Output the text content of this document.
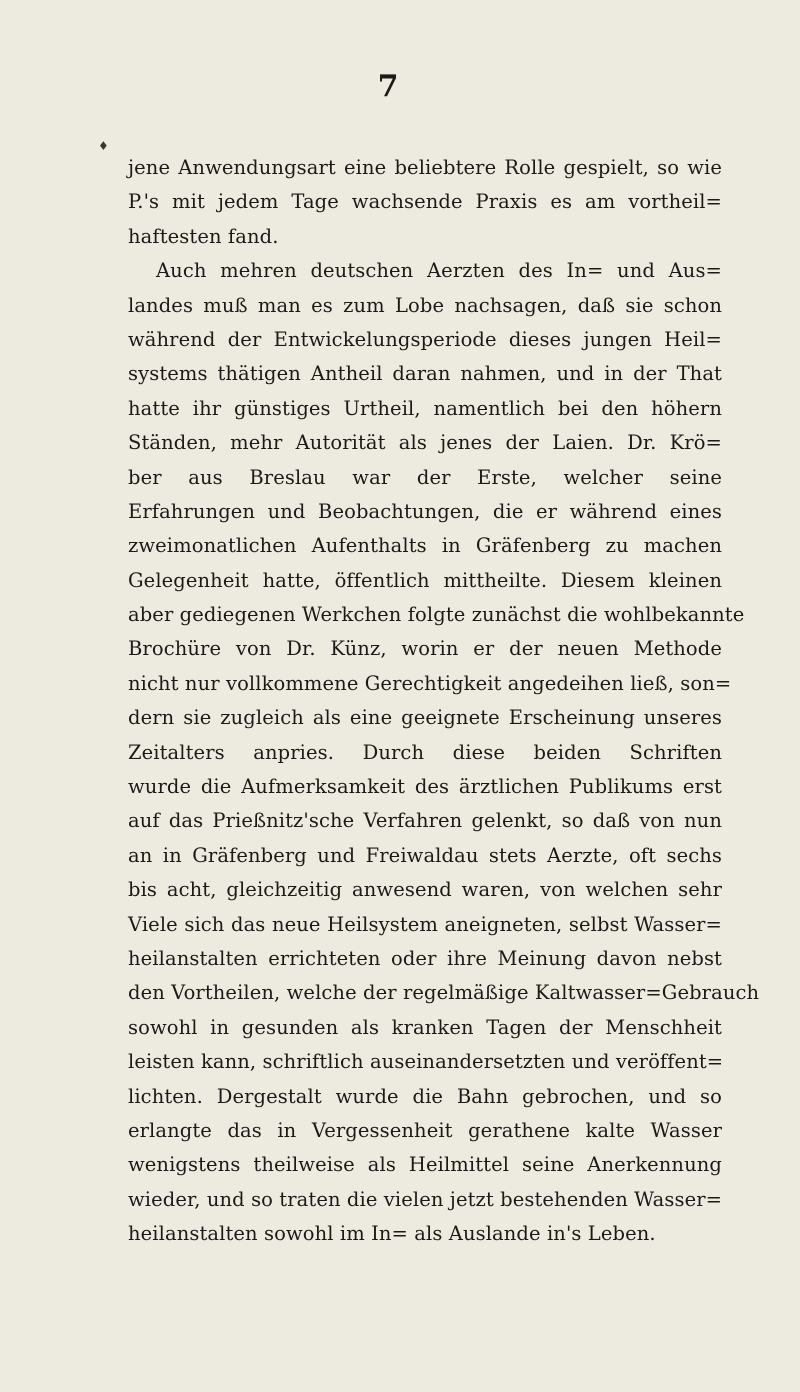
7
♦
jene Anwendungsart eine beliebtere Rolle gespielt, so wie
P.'s mit jedem Tage wachsende Praxis es am vortheil=
haftesten fand.
Auch mehren deutschen Aerzten des In= und Aus=
landes muß man es zum Lobe nachsagen, daß sie schon
während der Entwickelungsperiode dieses jungen Heil=
systems thätigen Antheil daran nahmen, und in der That
hatte ihr günstiges Urtheil, namentlich bei den höhern
Ständen, mehr Autorität als jenes der Laien. Dr. Krö=
ber aus Breslau war der Erste, welcher seine
Erfahrungen und Beobachtungen, die er während eines
zweimonatlichen Aufenthalts in Gräfenberg zu machen
Gelegenheit hatte, öffentlich mittheilte. Diesem kleinen
aber gediegenen Werkchen folgte zunächst die wohlbekannte
Brochüre von Dr. Künz, worin er der neuen Methode
nicht nur vollkommene Gerechtigkeit angedeihen ließ, son=
dern sie zugleich als eine geeignete Erscheinung unseres
Zeitalters anpries. Durch diese beiden Schriften
wurde die Aufmerksamkeit des ärztlichen Publikums erst
auf das Prießnitz'sche Verfahren gelenkt, so daß von nun
an in Gräfenberg und Freiwaldau stets Aerzte, oft sechs
bis acht, gleichzeitig anwesend waren, von welchen sehr
Viele sich das neue Heilsystem aneigneten, selbst Wasser=
heilanstalten errichteten oder ihre Meinung davon nebst
den Vortheilen, welche der regelmäßige Kaltwasser=Gebrauch
sowohl in gesunden als kranken Tagen der Menschheit
leisten kann, schriftlich auseinandersetzten und veröffent=
lichten. Dergestalt wurde die Bahn gebrochen, und so
erlangte das in Vergessenheit gerathene kalte Wasser
wenigstens theilweise als Heilmittel seine Anerkennung
wieder, und so traten die vielen jetzt bestehenden Wasser=
heilanstalten sowohl im In= als Auslande in's Leben.
